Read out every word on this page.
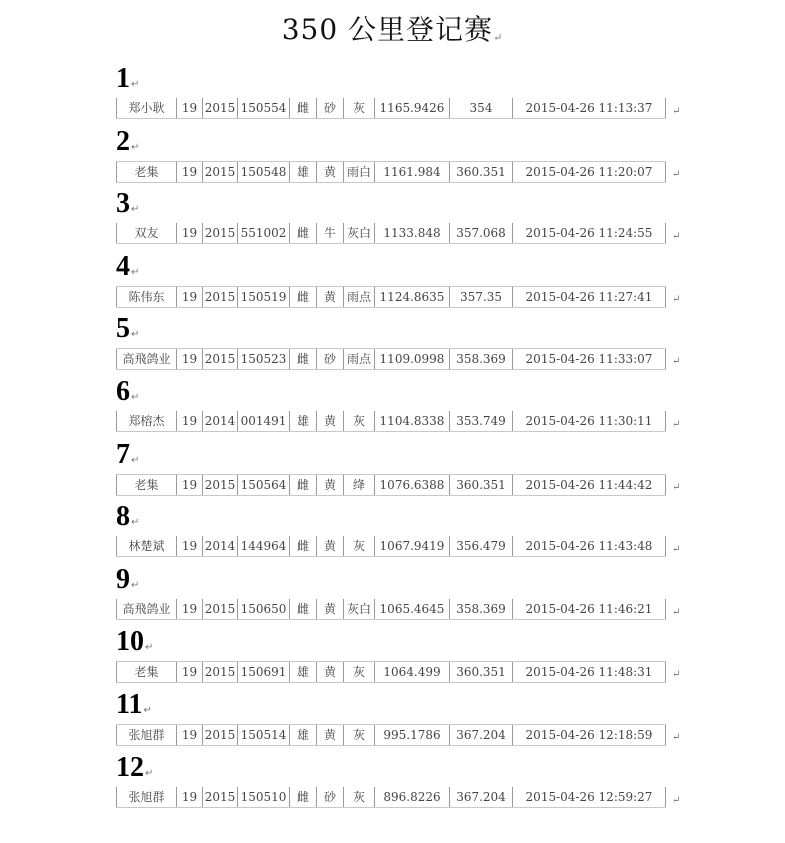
350 公里登记赛↵
1↵
郑小耿	19 2015 150554 雌	砂	灰	1165.9426	354	2015-04-26 11:13:37	↵
2↵
老集	19 2015 150548 雄	黄 雨白	1161.984	360.351	2015-04-26 11:20:07	↵
3↵
双友	19 2015 551002 雌	牛 灰白	1133.848	357.068	2015-04-26 11:24:55	↵
4↵
陈伟东	19 2015 150519 雌	黄 雨点 1124.8635	357.35	2015-04-26 11:27:41	↵
5↵
高飛鸽业 19 2015 150523 雌	砂 雨点 1109.0998 358.369	2015-04-26 11:33:07	↵
6↵
郑榕杰	19 2014 001491 雄	黄	灰	1104.8338 353.749	2015-04-26 11:30:11	↵
7↵
老集	19 2015 150564 雌	黄	绛	1076.6388 360.351	2015-04-26 11:44:42	↵
8↵
林楚斌	19 2014 144964 雌	黄	灰	1067.9419 356.479	2015-04-26 11:43:48	↵
9↵
高飛鸽业 19 2015 150650 雌	黄 灰白 1065.4645 358.369	2015-04-26 11:46:21	↵
10↵
老集	19 2015 150691 雄	黄	灰	1064.499	360.351	2015-04-26 11:48:31	↵
11↵
张旭群	19 2015 150514 雄	黄	灰	995.1786	367.204	2015-04-26 12:18:59	↵
12↵
张旭群	19 2015 150510 雌	砂	灰	896.8226	367.204	2015-04-26 12:59:27	↵
